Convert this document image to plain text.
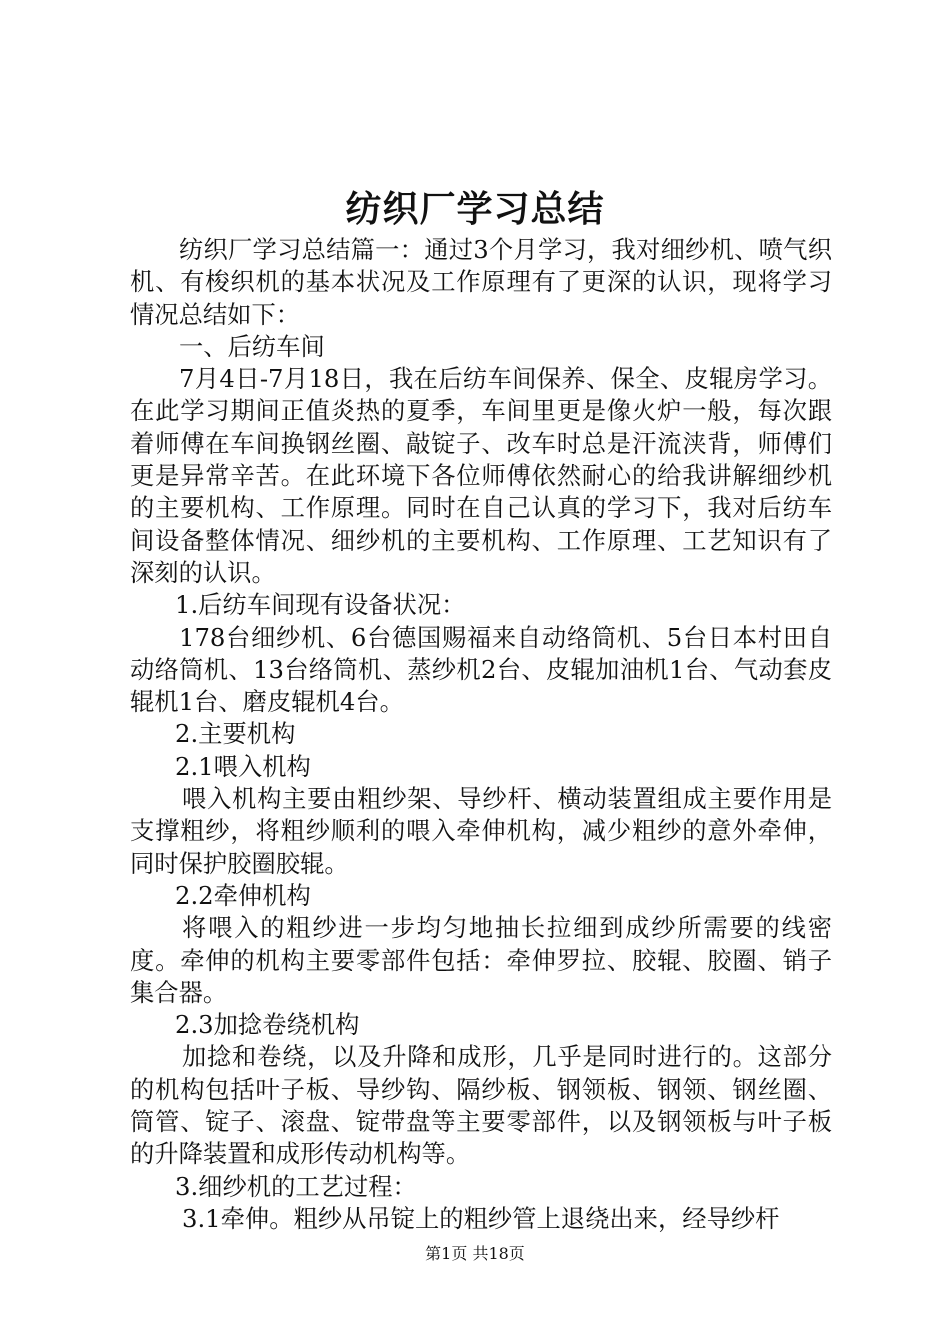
纺织厂学习总结

纺织厂学习总结篇一：通过3个月学习，我对细纱机、喷气织机、有梭织机的基本状况及工作原理有了更深的认识，现将学习情况总结如下：

一、后纺车间

7月4日-7月18日，我在后纺车间保养、保全、皮辊房学习。在此学习期间正值炎热的夏季，车间里更是像火炉一般，每次跟着师傅在车间换钢丝圈、敲锭子、改车时总是汗流浃背，师傅们更是异常辛苦。在此环境下各位师傅依然耐心的给我讲解细纱机的主要机构、工作原理。同时在自己认真的学习下，我对后纺车间设备整体情况、细纱机的主要机构、工作原理、工艺知识有了深刻的认识。

1.后纺车间现有设备状况：

178台细纱机、6台德国赐福来自动络筒机、5台日本村田自动络筒机、13台络筒机、蒸纱机2台、皮辊加油机1台、气动套皮辊机1台、磨皮辊机4台。

2.主要机构

2.1喂入机构

喂入机构主要由粗纱架、导纱杆、横动装置组成主要作用是支撑粗纱，将粗纱顺利的喂入牵伸机构，减少粗纱的意外牵伸，同时保护胶圈胶辊。

2.2牵伸机构

将喂入的粗纱进一步均匀地抽长拉细到成纱所需要的线密度。牵伸的机构主要零部件包括：牵伸罗拉、胶辊、胶圈、销子集合器。

2.3加捻卷绕机构

加捻和卷绕，以及升降和成形，几乎是同时进行的。这部分的机构包括叶子板、导纱钩、隔纱板、钢领板、钢领、钢丝圈、筒管、锭子、滚盘、锭带盘等主要零部件，以及钢领板与叶子板的升降装置和成形传动机构等。

3.细纱机的工艺过程：

3.1牵伸。粗纱从吊锭上的粗纱管上退绕出来，经导纱杆

第1页 共18页
